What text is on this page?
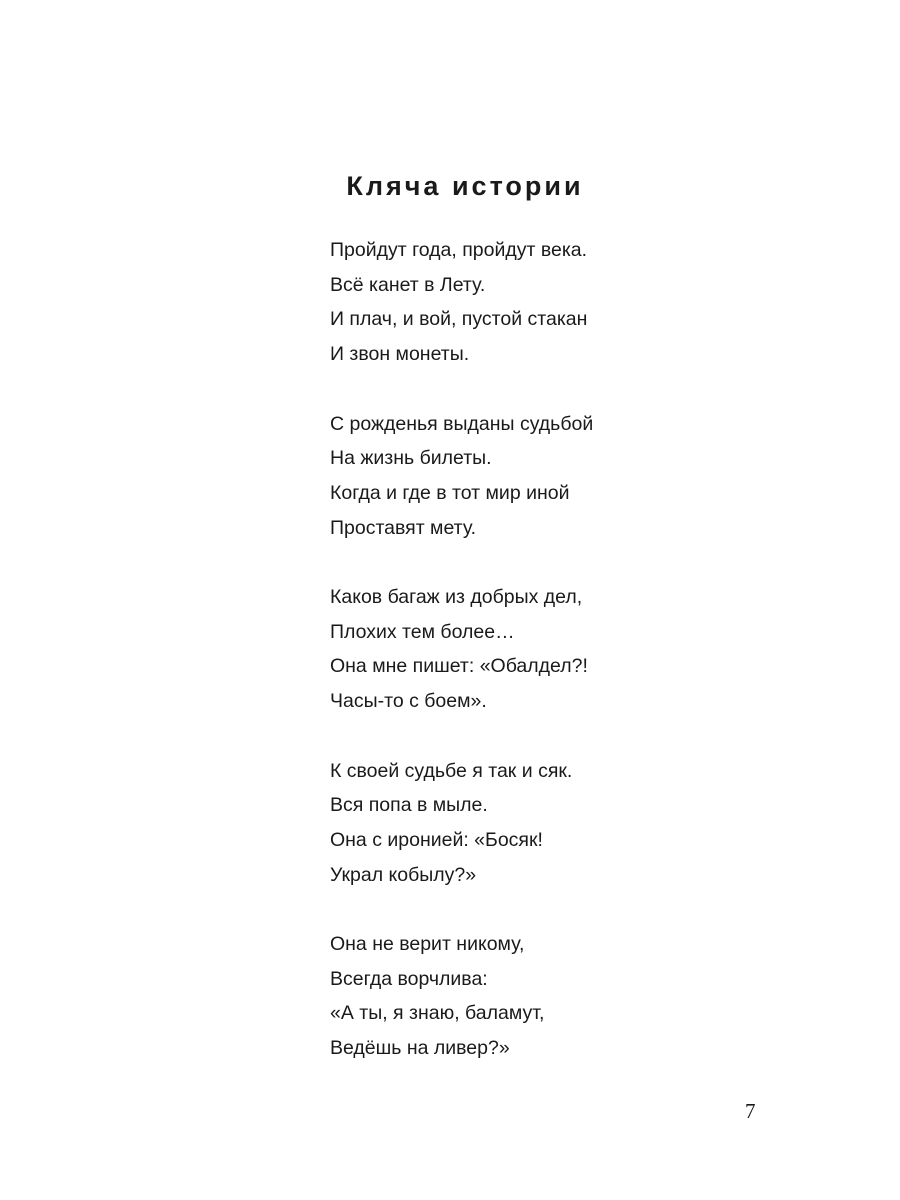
Кляча истории
Пройдут года, пройдут века.
Всё канет в Лету.
И плач, и вой, пустой стакан
И звон монеты.
С рожденья выданы судьбой
На жизнь билеты.
Когда и где в тот мир иной
Проставят мету.
Каков багаж из добрых дел,
Плохих тем более…
Она мне пишет: «Обалдел?!
Часы-то с боем».
К своей судьбе я так и сяк.
Вся попа в мыле.
Она с иронией: «Босяк!
Украл кобылу?»
Она не верит никому,
Всегда ворчлива:
«А ты, я знаю, баламут,
Ведёшь на ливер?»
7
